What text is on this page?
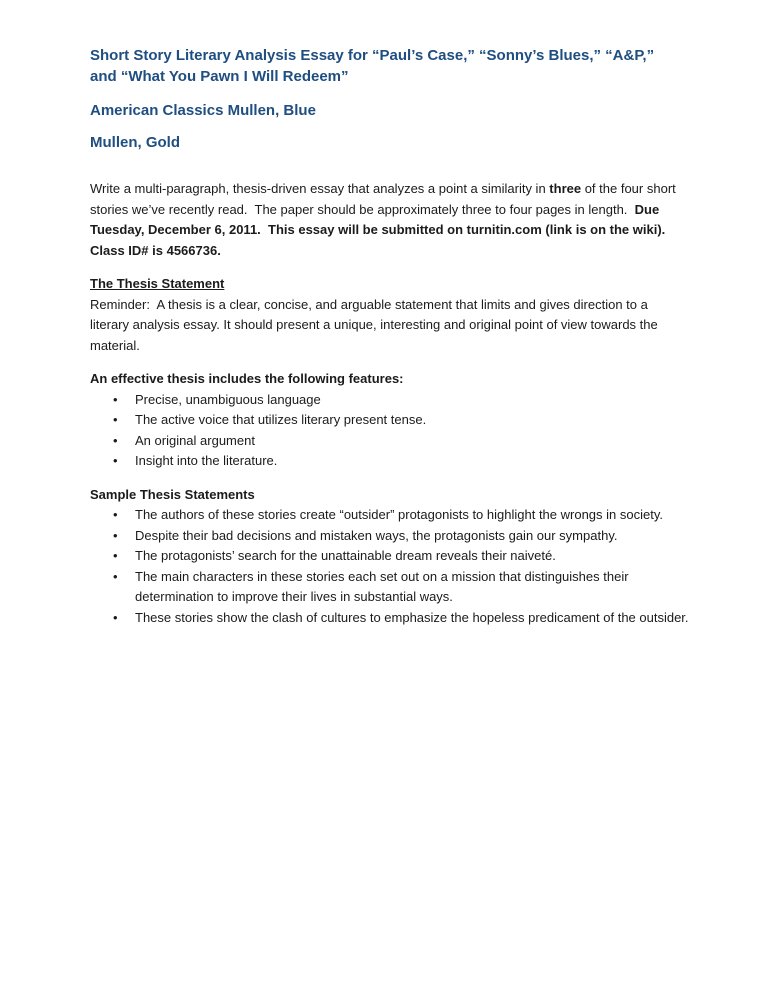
Short Story Literary Analysis Essay for “Paul’s Case,” “Sonny’s Blues,” “A&P,”
and “What You Pawn I Will Redeem”

American Classics Mullen, Blue

Mullen, Gold

Write a multi-paragraph, thesis-driven essay that analyzes a point a similarity in three of the four short stories we’ve recently read.  The paper should be approximately three to four pages in length.  Due Tuesday, December 6, 2011.  This essay will be submitted on turnitin.com (link is on the wiki).  Class ID# is 4566736.

The Thesis Statement

Reminder:  A thesis is a clear, concise, and arguable statement that limits and gives direction to a literary analysis essay. It should present a unique, interesting and original point of view towards the material.

An effective thesis includes the following features:

• Precise, unambiguous language
• The active voice that utilizes literary present tense.
• An original argument
• Insight into the literature.

Sample Thesis Statements

• The authors of these stories create “outsider” protagonists to highlight the wrongs in society.
• Despite their bad decisions and mistaken ways, the protagonists gain our sympathy.
• The protagonists’ search for the unattainable dream reveals their naiveté.
• The main characters in these stories each set out on a mission that distinguishes their determination to improve their lives in substantial ways.
• These stories show the clash of cultures to emphasize the hopeless predicament of the outsider.
